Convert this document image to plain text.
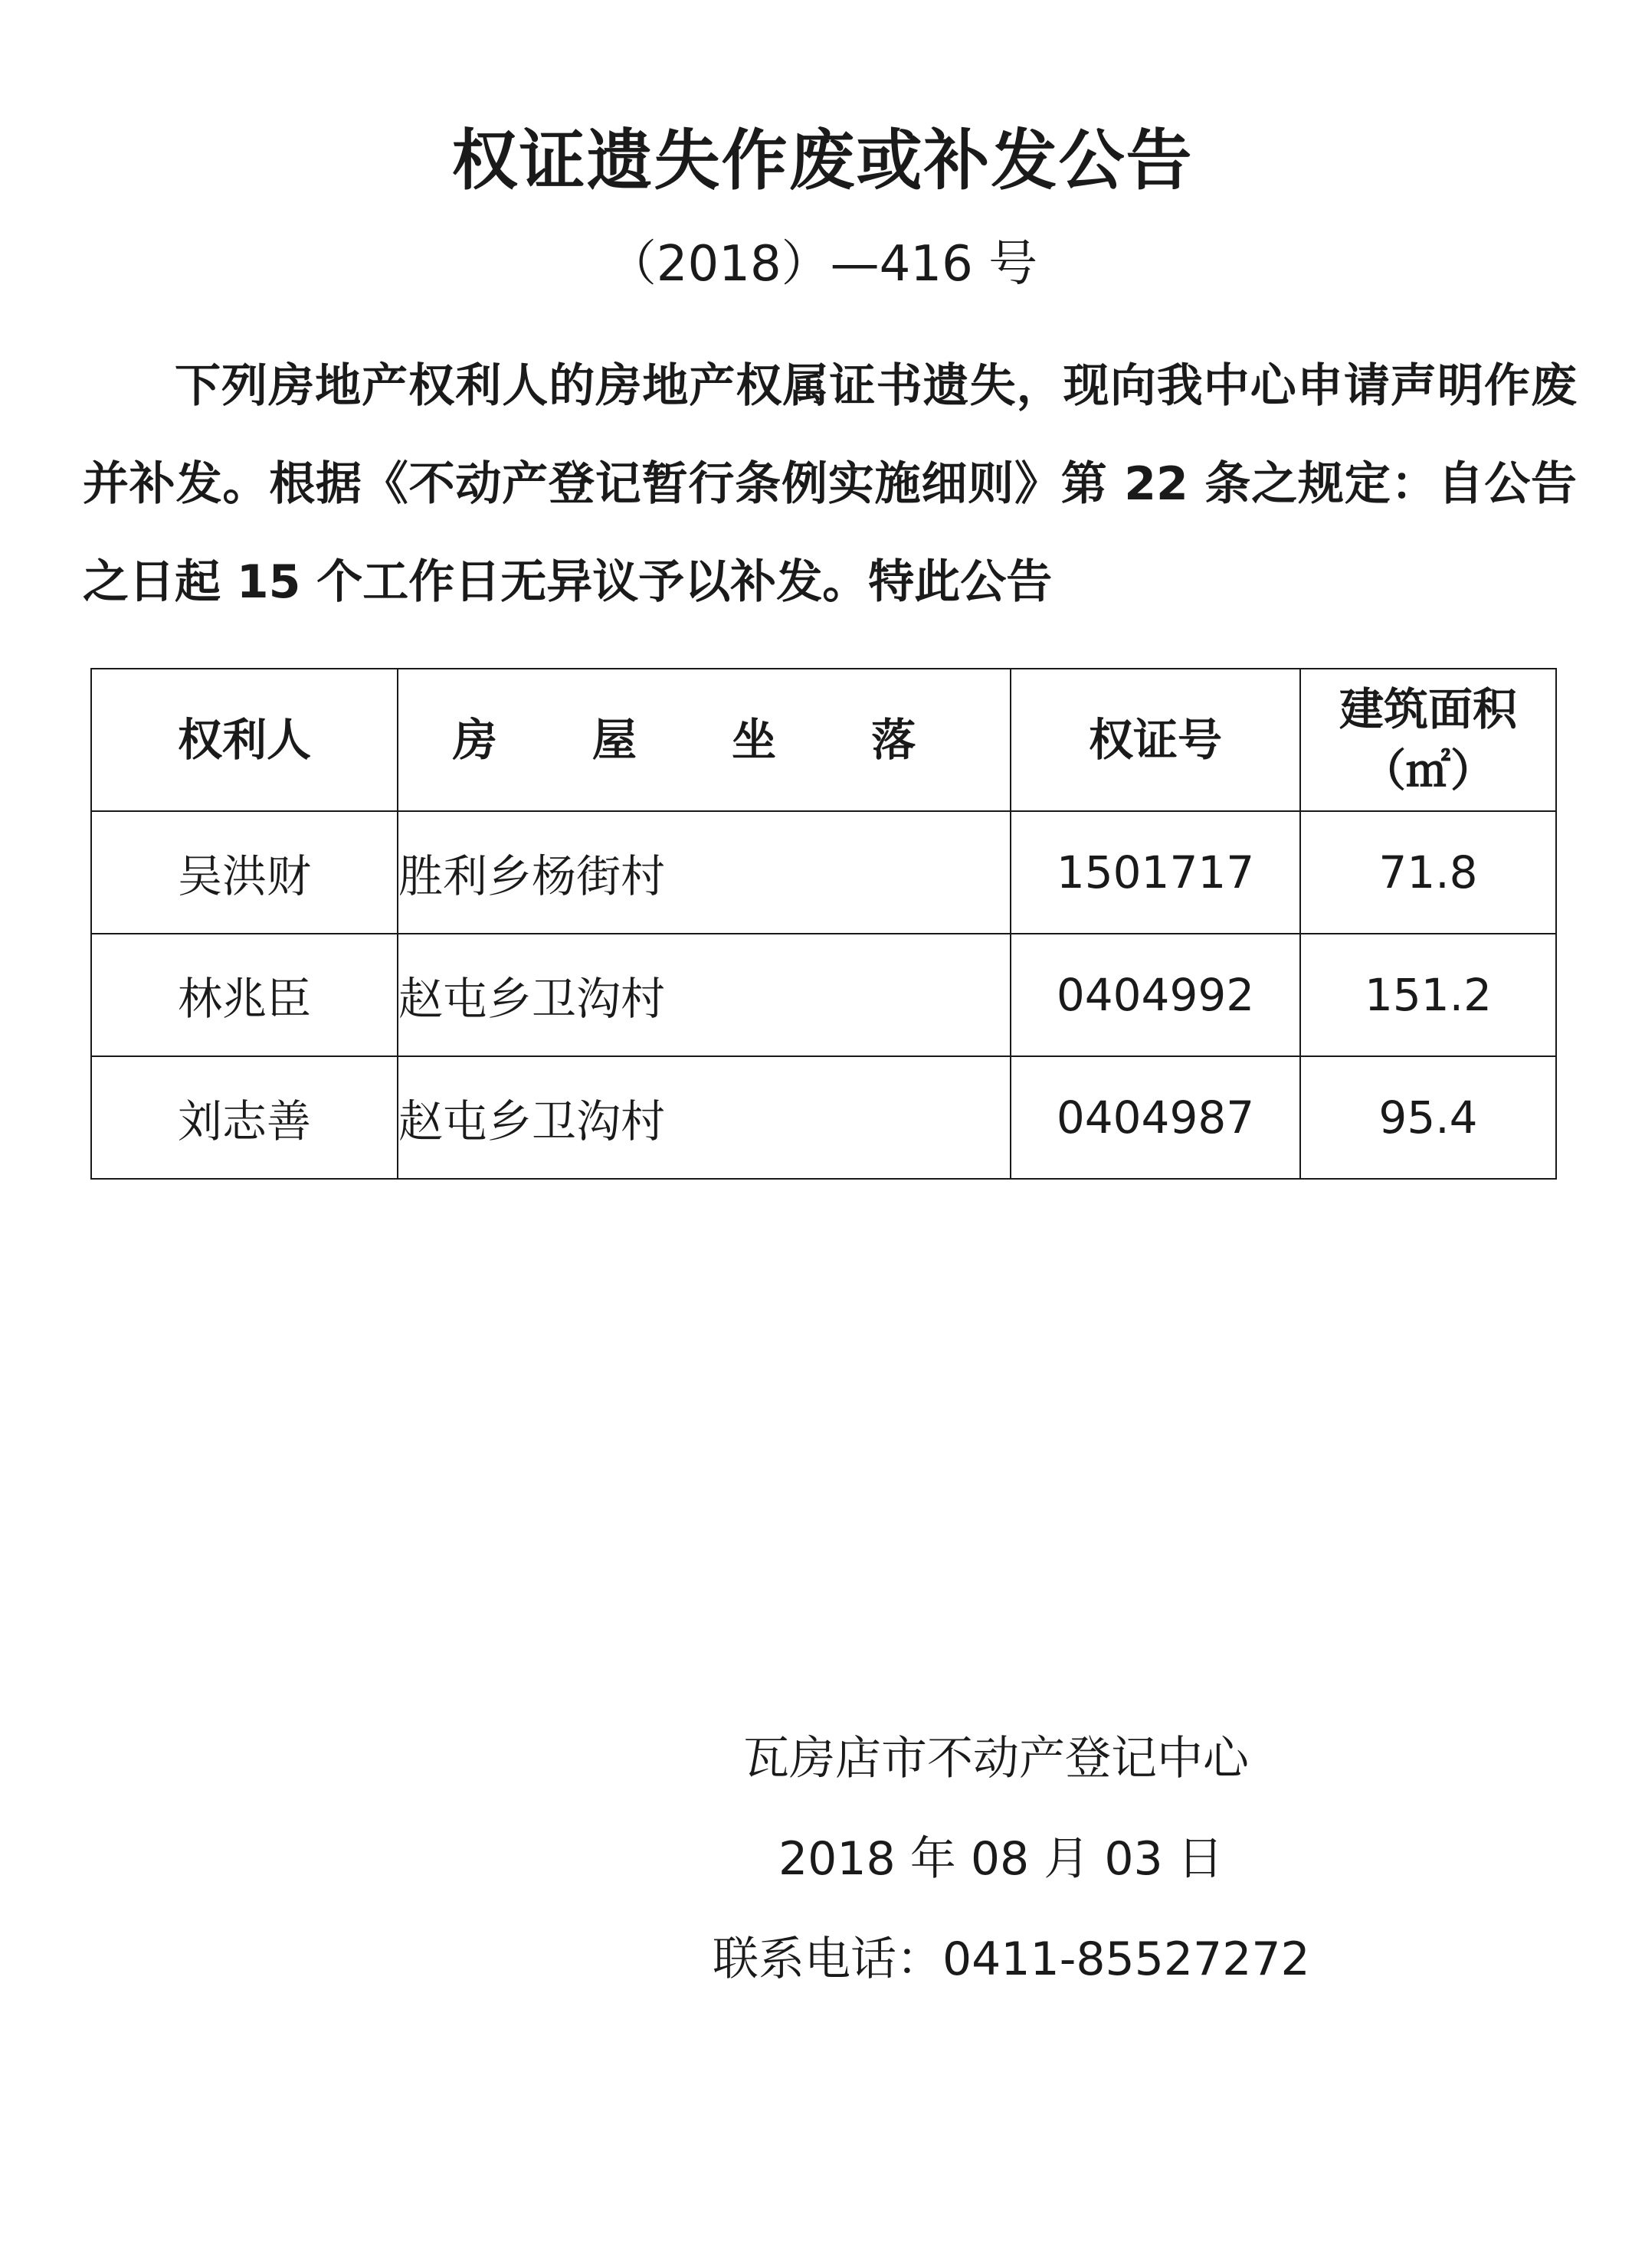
权证遗失作废或补发公告
（2018）—416 号
下列房地产权利人的房地产权属证书遗失，现向我中心申请声明作废并补发。根据《不动产登记暂行条例实施细则》第 22 条之规定：自公告之日起 15 个工作日无异议予以补发。特此公告
权利人	房 屋 坐 落	权证号	建筑面积
（㎡）

吴洪财	胜利乡杨街村	1501717	71.8
林兆臣	赵屯乡卫沟村	0404992	151.2
刘志善	赵屯乡卫沟村	0404987	95.4
瓦房店市不动产登记中心
2018 年 08 月 03 日
联系电话：0411-85527272
